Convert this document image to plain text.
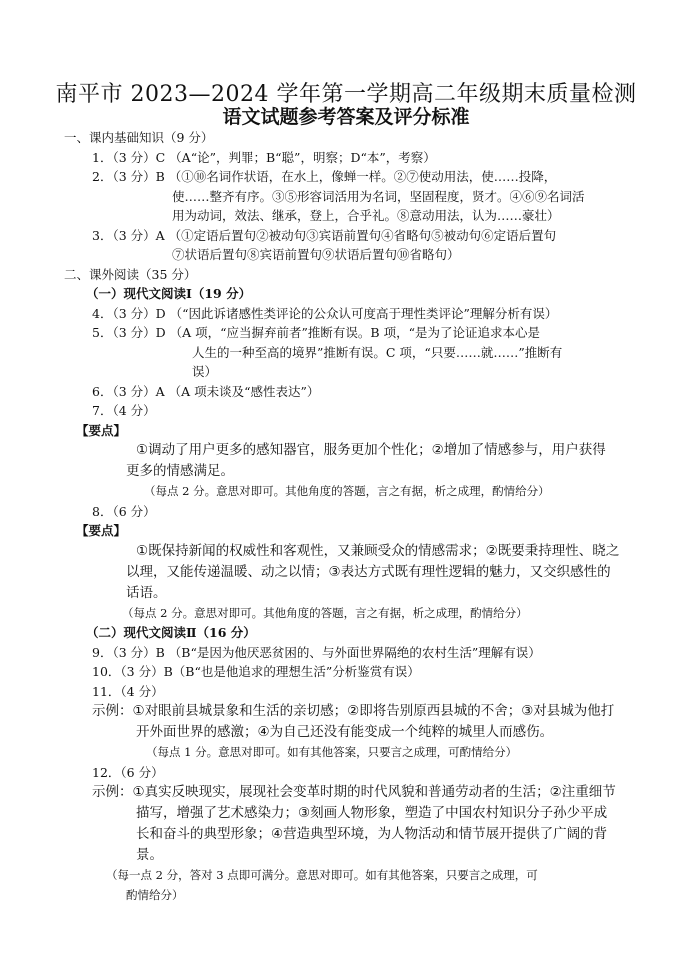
南平市 2023—2024 学年第一学期高二年级期末质量检测
语文试题参考答案及评分标准
一、课内基础知识（9 分）
1．（3 分）C （A“论”，判罪；B“聪”，明察；D“本”，考察）
2．（3 分）B （①⑩名词作状语，在水上，像蝉一样。②⑦使动用法，使……投降，
使……整齐有序。③⑤形容词活用为名词，坚固程度，贤才。④⑥⑨名词活
用为动词，效法、继承，登上，合乎礼。⑧意动用法，认为……豪壮）
3．（3 分）A （①定语后置句②被动句③宾语前置句④省略句⑤被动句⑥定语后置句
⑦状语后置句⑧宾语前置句⑨状语后置句⑩省略句）
二、课外阅读（35 分）
（一）现代文阅读Ⅰ（19 分）
4．（3 分）D （“因此诉诸感性类评论的公众认可度高于理性类评论”理解分析有误）
5．（3 分）D （A 项，“应当摒弃前者”推断有误。B 项，“是为了论证追求本心是
人生的一种至高的境界”推断有误。C 项，“只要……就……”推断有
误）
6．（3 分）A （A 项未谈及“感性表达”）
7．（4 分）
【要点】
①调动了用户更多的感知器官，服务更加个性化；②增加了情感参与，用户获得
更多的情感满足。
（每点 2 分。意思对即可。其他角度的答题，言之有据，析之成理，酌情给分）
8．（6 分）
【要点】
①既保持新闻的权威性和客观性，又兼顾受众的情感需求；②既要秉持理性、晓之
以理，又能传递温暖、动之以情；③表达方式既有理性逻辑的魅力，又交织感性的
话语。
（每点 2 分。意思对即可。其他角度的答题，言之有据，析之成理，酌情给分）
（二）现代文阅读Ⅱ（16 分）
9．（3 分）B （B“是因为他厌恶贫困的、与外面世界隔绝的农村生活”理解有误）
10．（3 分）B（B“也是他追求的理想生活”分析鉴赏有误）
11．（4 分）
示例：①对眼前县城景象和生活的亲切感；②即将告别原西县城的不舍；③对县城为他打
开外面世界的感激；④为自己还没有能变成一个纯粹的城里人而感伤。
（每点 1 分。意思对即可。如有其他答案，只要言之成理，可酌情给分）
12．（6 分）
示例：①真实反映现实，展现社会变革时期的时代风貌和普通劳动者的生活；②注重细节
描写，增强了艺术感染力；③刻画人物形象，塑造了中国农村知识分子孙少平成
长和奋斗的典型形象；④营造典型环境，为人物活动和情节展开提供了广阔的背
景。
（每一点 2 分，答对 3 点即可满分。意思对即可。如有其他答案，只要言之成理，可
酌情给分）
